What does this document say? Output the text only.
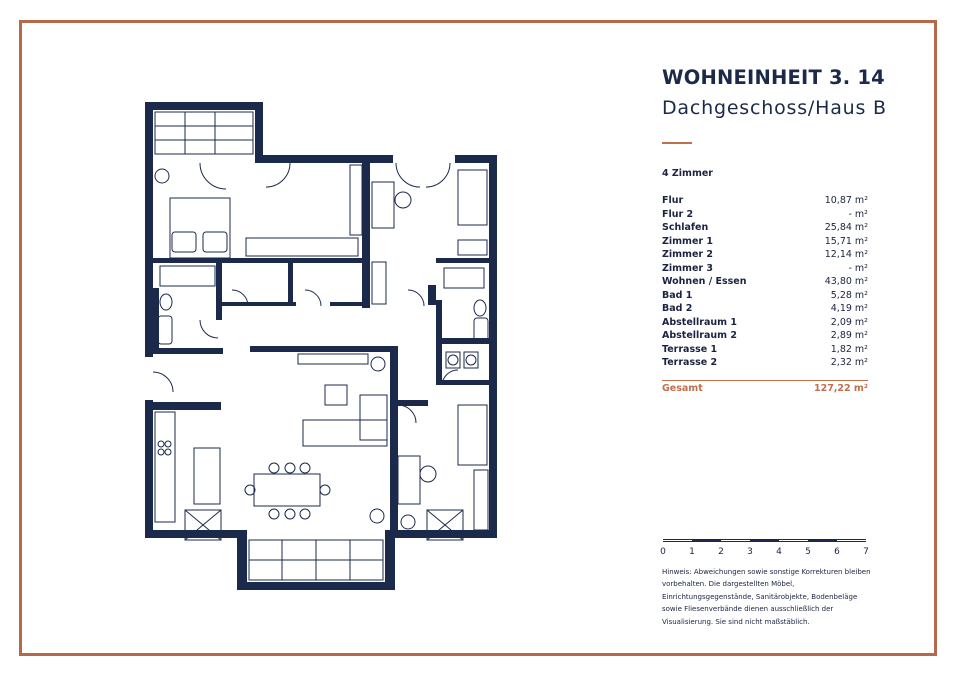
WOHNEINHEIT 3. 14
Dachgeschoss/Haus B
4 Zimmer
Flur	10,87 m²
Flur 2	- m²
Schlafen	25,84 m²
Zimmer 1	15,71 m²
Zimmer 2	12,14 m²
Zimmer 3	- m²
Wohnen / Essen	43,80 m²
Bad 1	5,28 m²
Bad 2	4,19 m²
Abstellraum 1	2,09 m²
Abstellraum 2	2,89 m²
Terrasse 1	1,82 m²
Terrasse 2	2,32 m²
Gesamt	127,22 m²
0	1	2	3	4	5	6	7
Hinweis: Abweichungen sowie sonstige Korrekturen bleiben vorbehalten. Die dargestellten Möbel, Einrichtungsgegenstände, Sanitärobjekte, Bodenbeläge sowie Fliesenverbände dienen ausschließlich der Visualisierung. Sie sind nicht maßstäblich.
